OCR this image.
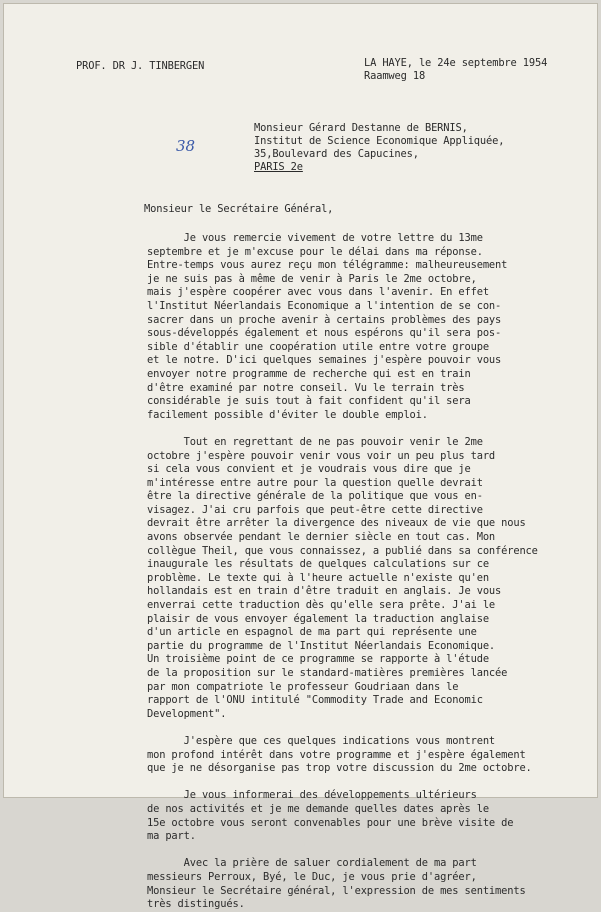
PROF. DR J. TINBERGEN	LA HAYE, le 24e septembre 1954
Raamweg 18
38
Monsieur Gérard Destanne de BERNIS,
Institut de Science Economique Appliquée,
35,Boulevard des Capucines,
PARIS 2e
Monsieur le Secrétaire Général,
Je vous remercie vivement de votre lettre du 13me
septembre et je m'excuse pour le délai dans ma réponse.
Entre-temps vous aurez reçu mon télégramme: malheureusement
je ne suis pas à même de venir à Paris le 2me octobre,
mais j'espère coopérer avec vous dans l'avenir. En effet
l'Institut Néerlandais Economique a l'intention de se con-
sacrer dans un proche avenir à certains problèmes des pays
sous-développés également et nous espérons qu'il sera pos-
sible d'établir une coopération utile entre votre groupe
et le notre. D'ici quelques semaines j'espère pouvoir vous
envoyer notre programme de recherche qui est en train
d'être examiné par notre conseil. Vu le terrain très
considérable je suis tout à fait confident qu'il sera
facilement possible d'éviter le double emploi.
Tout en regrettant de ne pas pouvoir venir le 2me
octobre j'espère pouvoir venir vous voir un peu plus tard
si cela vous convient et je voudrais vous dire que je
m'intéresse entre autre pour la question quelle devrait
être la directive générale de la politique que vous en-
visagez. J'ai cru parfois que peut-être cette directive
devrait être arrêter la divergence des niveaux de vie que nous
avons observée pendant le dernier siècle en tout cas. Mon
collègue Theil, que vous connaissez, a publié dans sa conférence
inaugurale les résultats de quelques calculations sur ce
problème. Le texte qui à l'heure actuelle n'existe qu'en
hollandais est en train d'être traduit en anglais. Je vous
enverrai cette traduction dès qu'elle sera prête. J'ai le
plaisir de vous envoyer également la traduction anglaise
d'un article en espagnol de ma part qui représente une
partie du programme de l'Institut Néerlandais Economique.
Un troisième point de ce programme se rapporte à l'étude
de la proposition sur le standard-matières premières lancée
par mon compatriote le professeur Goudriaan dans le
rapport de l'ONU intitulé "Commodity Trade and Economic
Development".
J'espère que ces quelques indications vous montrent
mon profond intérêt dans votre programme et j'espère également
que je ne désorganise pas trop votre discussion du 2me octobre.
Je vous informerai des développements ultérieurs
de nos activités et je me demande quelles dates après le
15e octobre vous seront convenables pour une brève visite de
ma part.
Avec la prière de saluer cordialement de ma part
messieurs Perroux, Byé, le Duc, je vous prie d'agréer,
Monsieur le Secrétaire général, l'expression de mes sentiments
très distingués.
